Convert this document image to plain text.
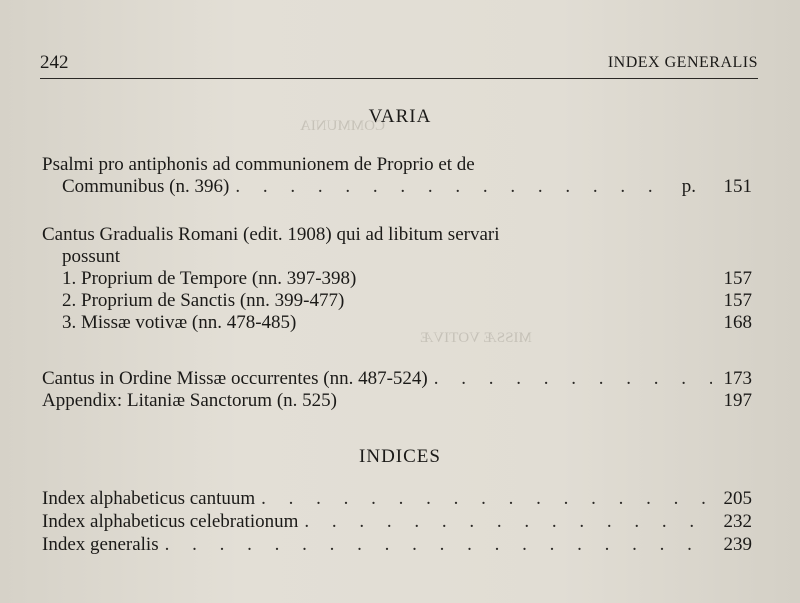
COMMUNIA
MISSÆ VOTIVÆ
242	INDEX GENERALIS
VARIA
Psalmi pro antiphonis ad communionem de Proprio et de
Communibus (n. 396) . . .	p. 151
Cantus Gradualis Romani (edit. 1908) qui ad libitum servari
possunt
1. Proprium de Tempore (nn. 397-398)	157
2. Proprium de Sanctis (nn. 399-477)	157
3. Missæ votivæ (nn. 478-485)	168
Cantus in Ordine Missæ occurrentes (nn. 487-524) . . .	173
Appendix: Litaniæ Sanctorum (n. 525)	197
INDICES
Index alphabeticus cantuum . . .	205
Index alphabeticus celebrationum . . .	232
Index generalis . . .	239
